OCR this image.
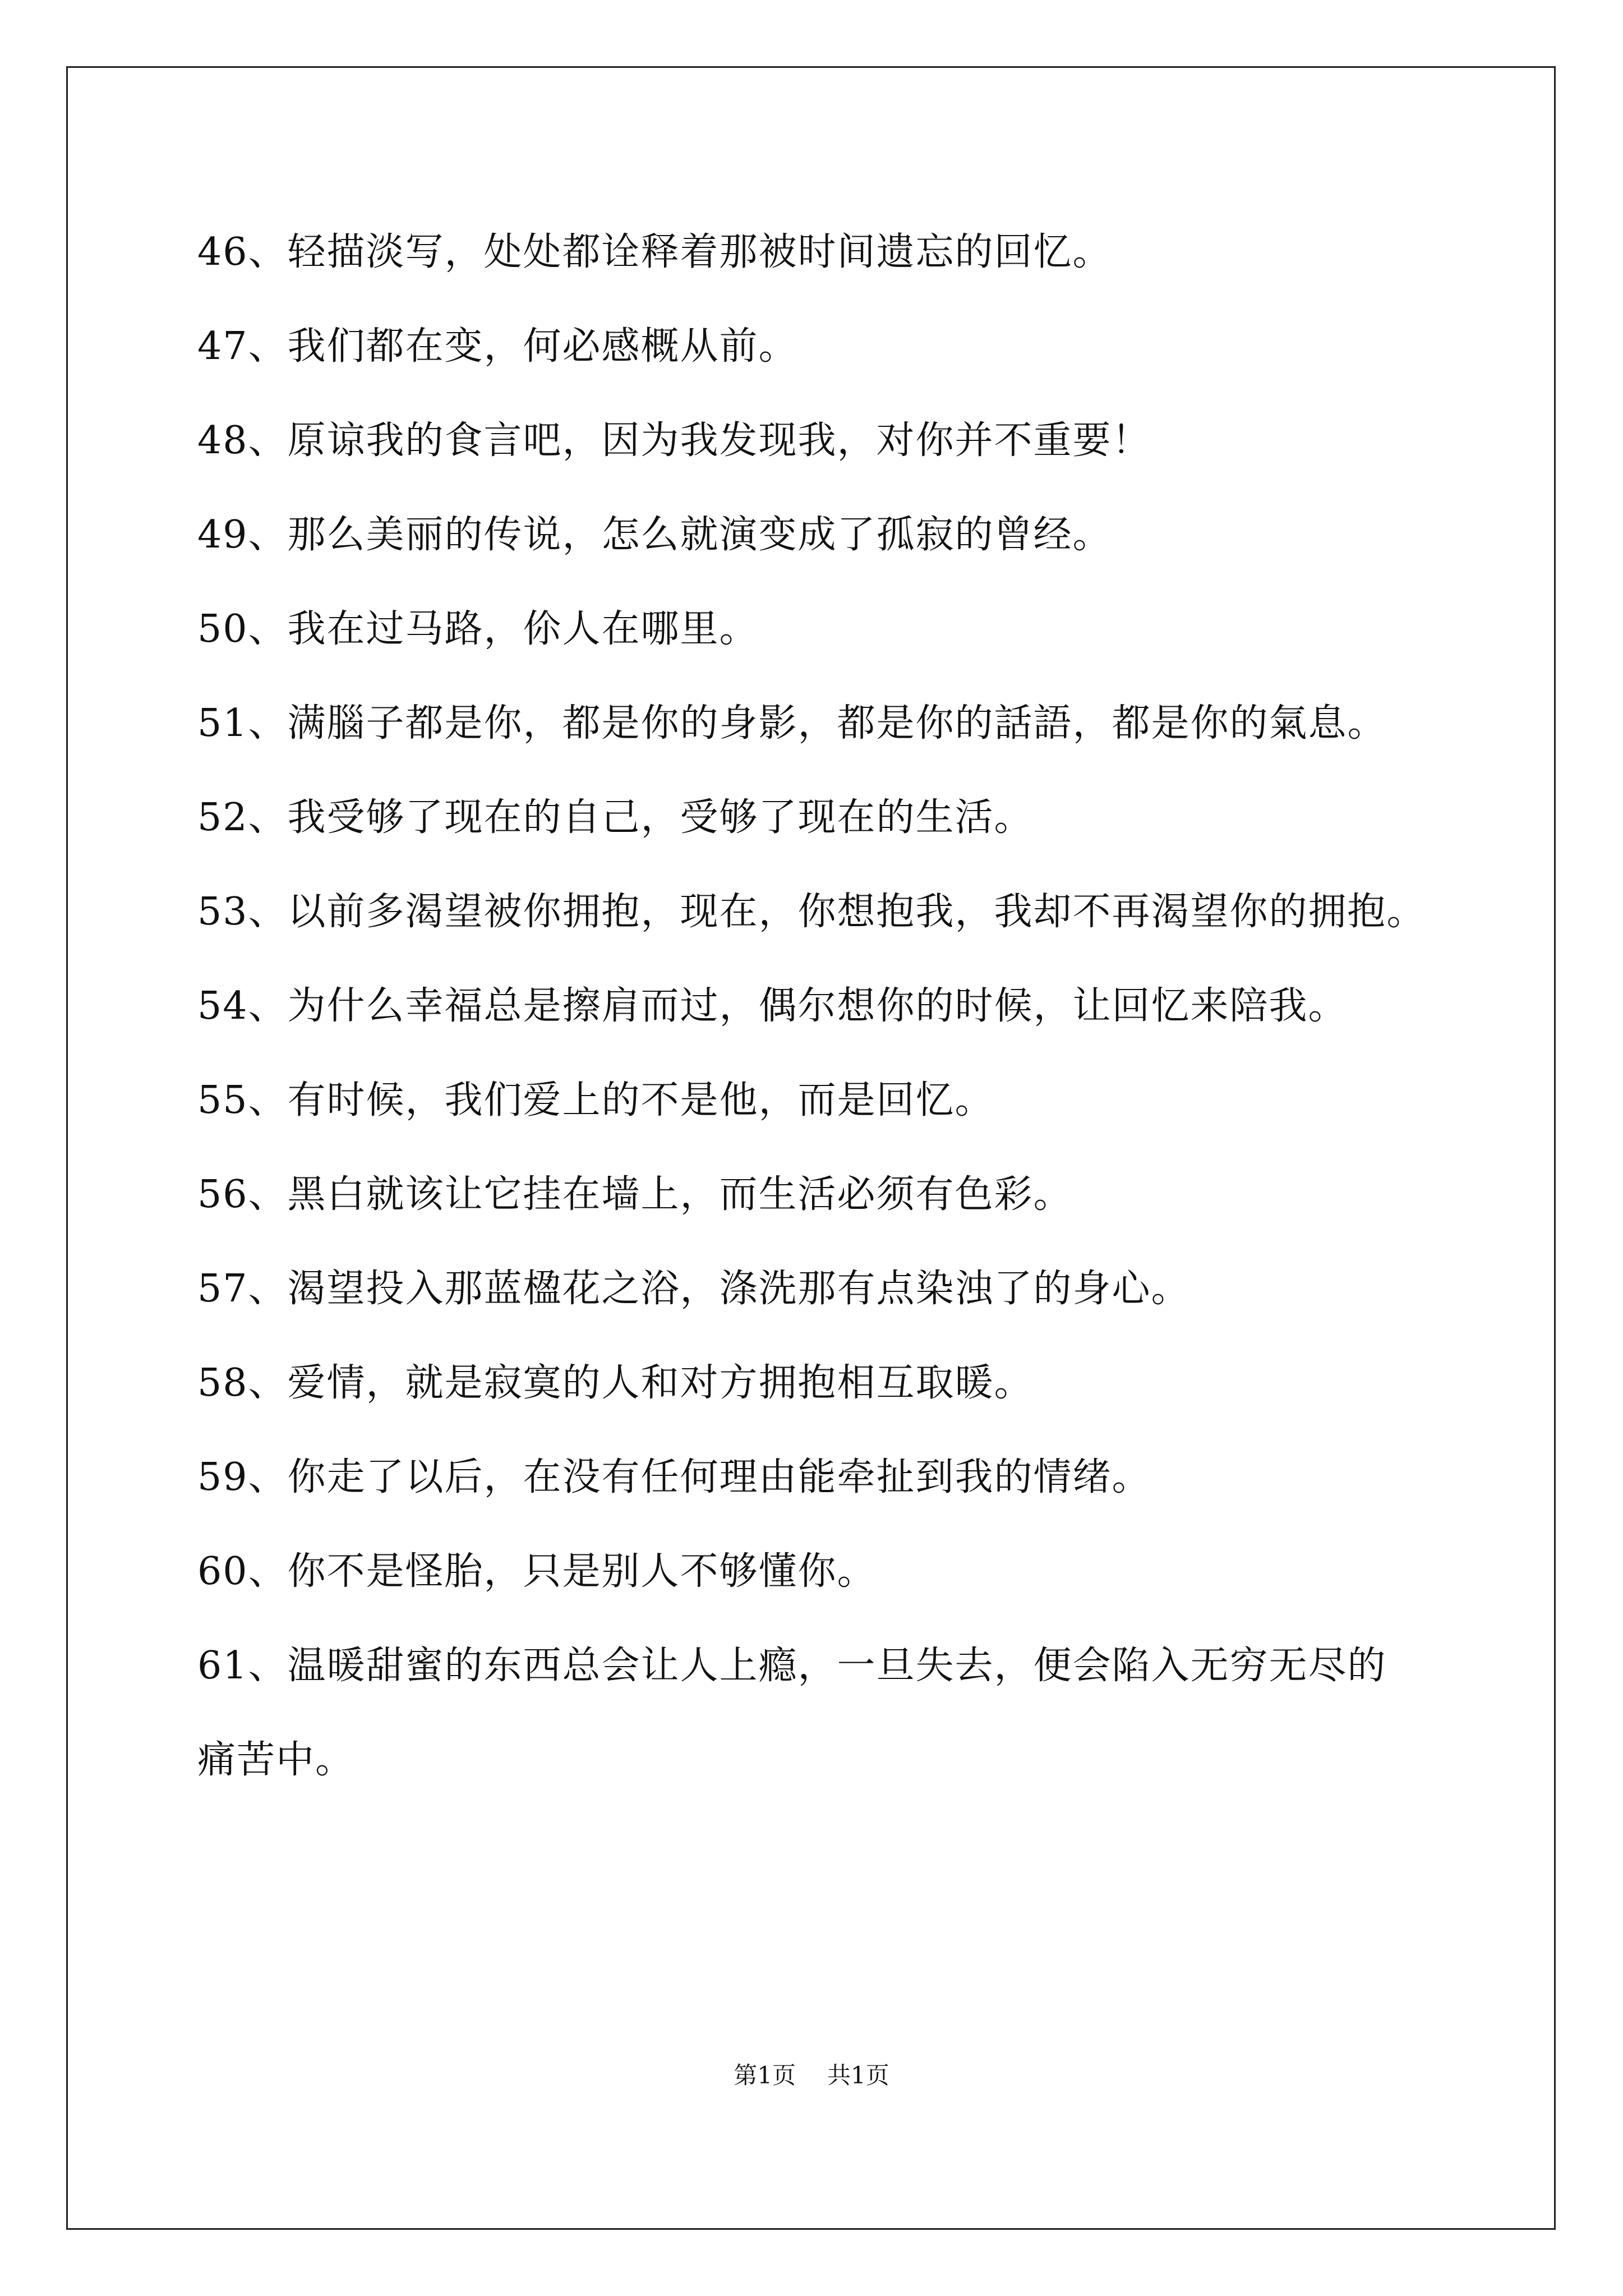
46、轻描淡写，处处都诠释着那被时间遗忘的回忆。
47、我们都在变，何必感概从前。
48、原谅我的食言吧，因为我发现我，对你并不重要！
49、那么美丽的传说，怎么就演变成了孤寂的曾经。
50、我在过马路，伱人在哪里。
51、满腦子都是你，都是你的身影，都是你的話語，都是你的氣息。
52、我受够了现在的自己，受够了现在的生活。
53、以前多渴望被你拥抱，现在，你想抱我，我却不再渴望你的拥抱。
54、为什么幸福总是擦肩而过，偶尔想你的时候，让回忆来陪我。
55、有时候，我们爱上的不是他，而是回忆。
56、黑白就该让它挂在墙上，而生活必须有色彩。
57、渴望投入那蓝楹花之浴，涤洗那有点染浊了的身心。
58、爱情，就是寂寞的人和对方拥抱相互取暖。
59、你走了以后，在没有任何理由能牵扯到我的情绪。
60、你不是怪胎，只是别人不够懂你。
61、温暖甜蜜的东西总会让人上瘾，一旦失去，便会陷入无穷无尽的
痛苦中。
第1页 共1页
